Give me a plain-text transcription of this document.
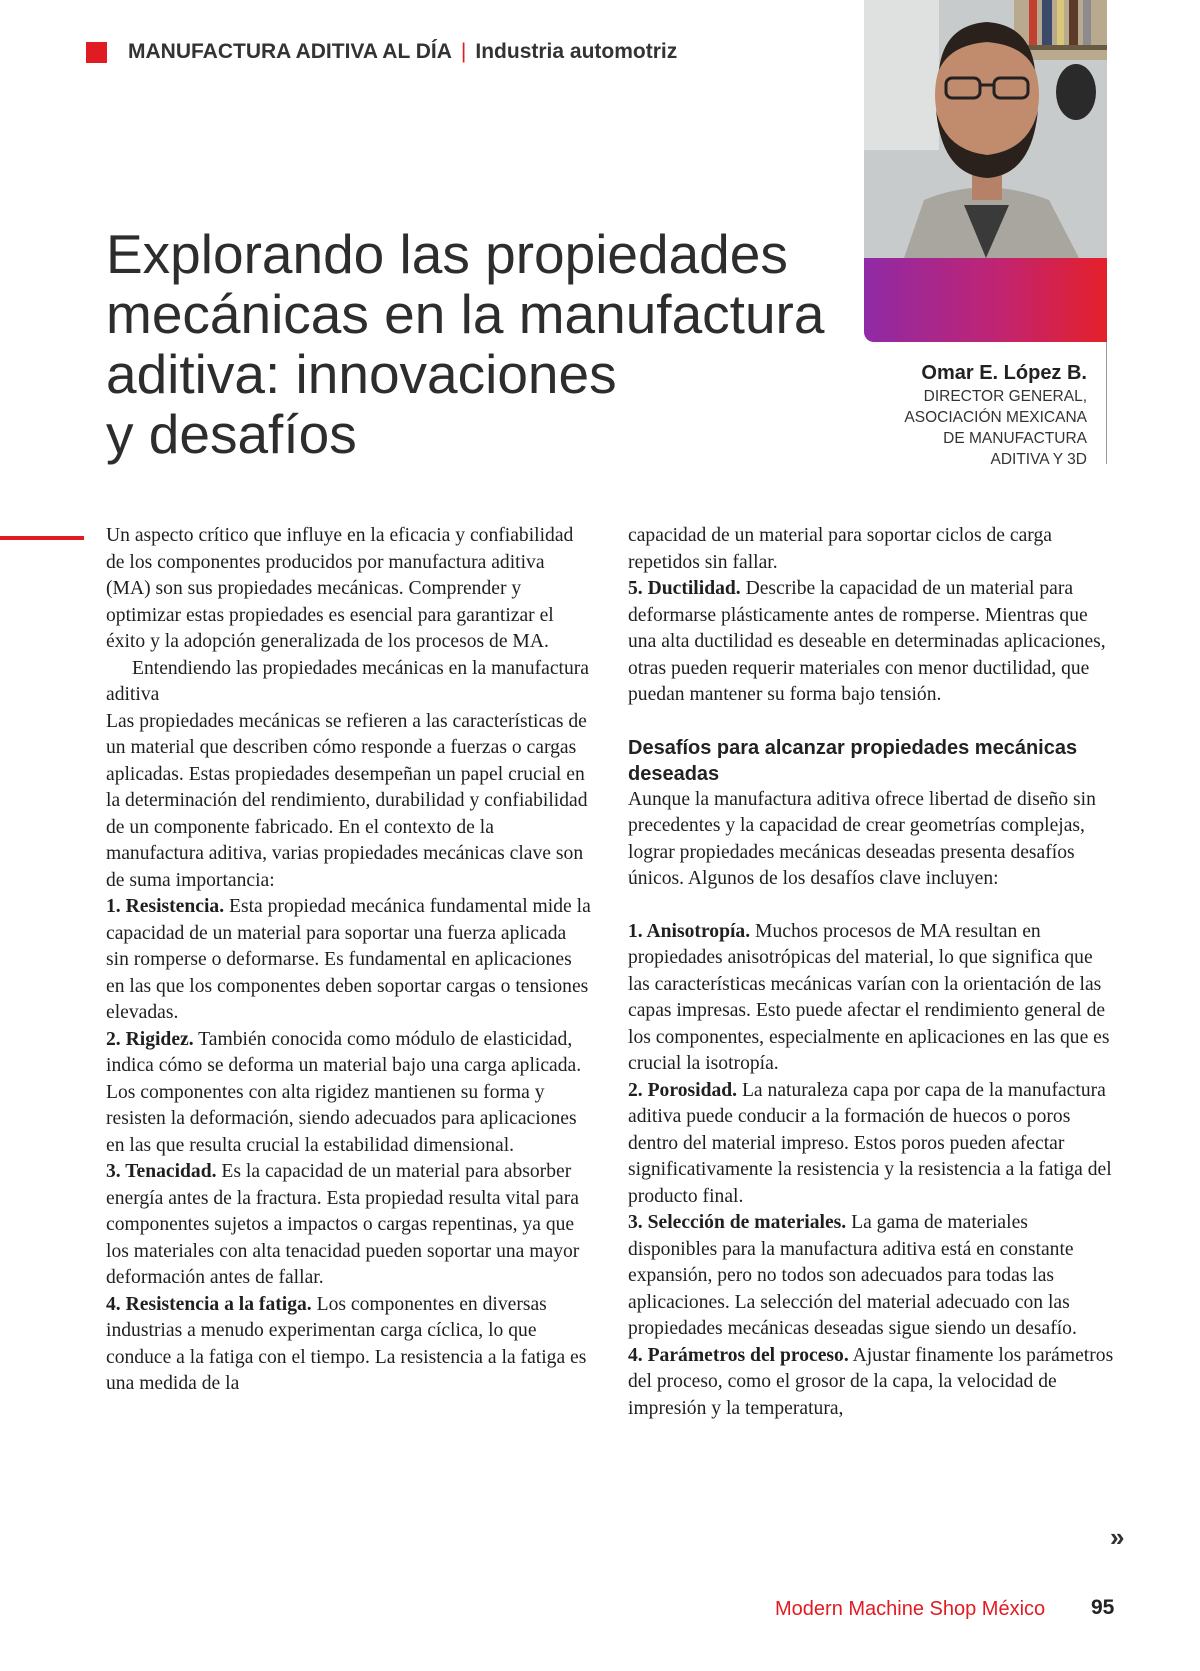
MANUFACTURA ADITIVA AL DÍA | Industria automotriz
Explorando las propiedades
mecánicas en la manufactura
aditiva: innovaciones
y desafíos
Omar E. López B.
DIRECTOR GENERAL,
ASOCIACIÓN MEXICANA
DE MANUFACTURA
ADITIVA Y 3D

Un aspecto crítico que influye en la eficacia y confiabilidad de los componentes producidos por manufactura aditiva (MA) son sus propiedades mecánicas. Comprender y optimizar estas propiedades es esencial para garantizar el éxito y la adopción generalizada de los procesos de MA.

Entendiendo las propiedades mecánicas en la manufactura aditiva

Las propiedades mecánicas se refieren a las características de un material que describen cómo responde a fuerzas o cargas aplicadas. Estas propiedades desempeñan un papel crucial en la determinación del rendimiento, durabilidad y confiabilidad de un componente fabricado. En el contexto de la manufactura aditiva, varias propiedades mecánicas clave son de suma importancia:

1. Resistencia. Esta propiedad mecánica fundamental mide la capacidad de un material para soportar una fuerza aplicada sin romperse o deformarse. Es fundamental en aplicaciones en las que los componentes deben soportar cargas o tensiones elevadas.

2. Rigidez. También conocida como módulo de elasticidad, indica cómo se deforma un material bajo una carga aplicada. Los componentes con alta rigidez mantienen su forma y resisten la deformación, siendo adecuados para aplicaciones en las que resulta crucial la estabilidad dimensional.

3. Tenacidad. Es la capacidad de un material para absorber energía antes de la fractura. Esta propiedad resulta vital para componentes sujetos a impactos o cargas repentinas, ya que los materiales con alta tenacidad pueden soportar una mayor deformación antes de fallar.

4. Resistencia a la fatiga. Los componentes en diversas industrias a menudo experimentan carga cíclica, lo que conduce a la fatiga con el tiempo. La resistencia a la fatiga es una medida de la

capacidad de un material para soportar ciclos de carga repetidos sin fallar.

5. Ductilidad. Describe la capacidad de un material para deformarse plásticamente antes de romperse. Mientras que una alta ductilidad es deseable en determinadas aplicaciones, otras pueden requerir materiales con menor ductilidad, que puedan mantener su forma bajo tensión.

Desafíos para alcanzar propiedades mecánicas deseadas

Aunque la manufactura aditiva ofrece libertad de diseño sin precedentes y la capacidad de crear geometrías complejas, lograr propiedades mecánicas deseadas presenta desafíos únicos. Algunos de los desafíos clave incluyen:

1. Anisotropía. Muchos procesos de MA resultan en propiedades anisotrópicas del material, lo que significa que las características mecánicas varían con la orientación de las capas impresas. Esto puede afectar el rendimiento general de los componentes, especialmente en aplicaciones en las que es crucial la isotropía.

2. Porosidad. La naturaleza capa por capa de la manufactura aditiva puede conducir a la formación de huecos o poros dentro del material impreso. Estos poros pueden afectar significativamente la resistencia y la resistencia a la fatiga del producto final.

3. Selección de materiales. La gama de materiales disponibles para la manufactura aditiva está en constante expansión, pero no todos son adecuados para todas las aplicaciones. La selección del material adecuado con las propiedades mecánicas deseadas sigue siendo un desafío.

4. Parámetros del proceso. Ajustar finamente los parámetros del proceso, como el grosor de la capa, la velocidad de impresión y la temperatura,

»
Modern Machine Shop México 95
